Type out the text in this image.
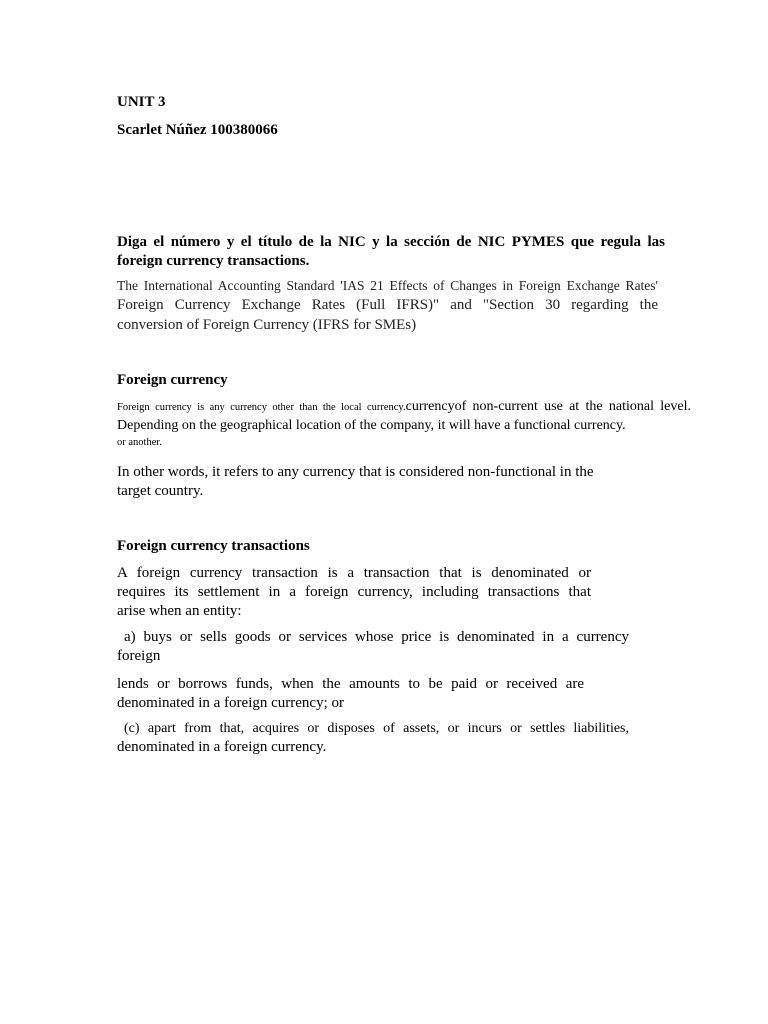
UNIT 3

Scarlet Núñez 100380066

Diga el número y el título de la NIC y la sección de NIC PYMES que regula las
foreign currency transactions.
The International Accounting Standard 'IAS 21 Effects of Changes in Foreign Exchange Rates'
Foreign Currency Exchange Rates (Full IFRS)" and "Section 30 regarding the
conversion of Foreign Currency (IFRS for SMEs)

Foreign currency

Foreign currency is any currency other than the local currency.currencyof non-current use at the national level.
Depending on the geographical location of the company, it will have a functional currency.
or another.
In other words, it refers to any currency that is considered non-functional in the
target country.

Foreign currency transactions

A foreign currency transaction is a transaction that is denominated or
requires its settlement in a foreign currency, including transactions that
arise when an entity:
a) buys or sells goods or services whose price is denominated in a currency
foreign
lends or borrows funds, when the amounts to be paid or received are
denominated in a foreign currency; or
(c) apart from that, acquires or disposes of assets, or incurs or settles liabilities,
denominated in a foreign currency.
